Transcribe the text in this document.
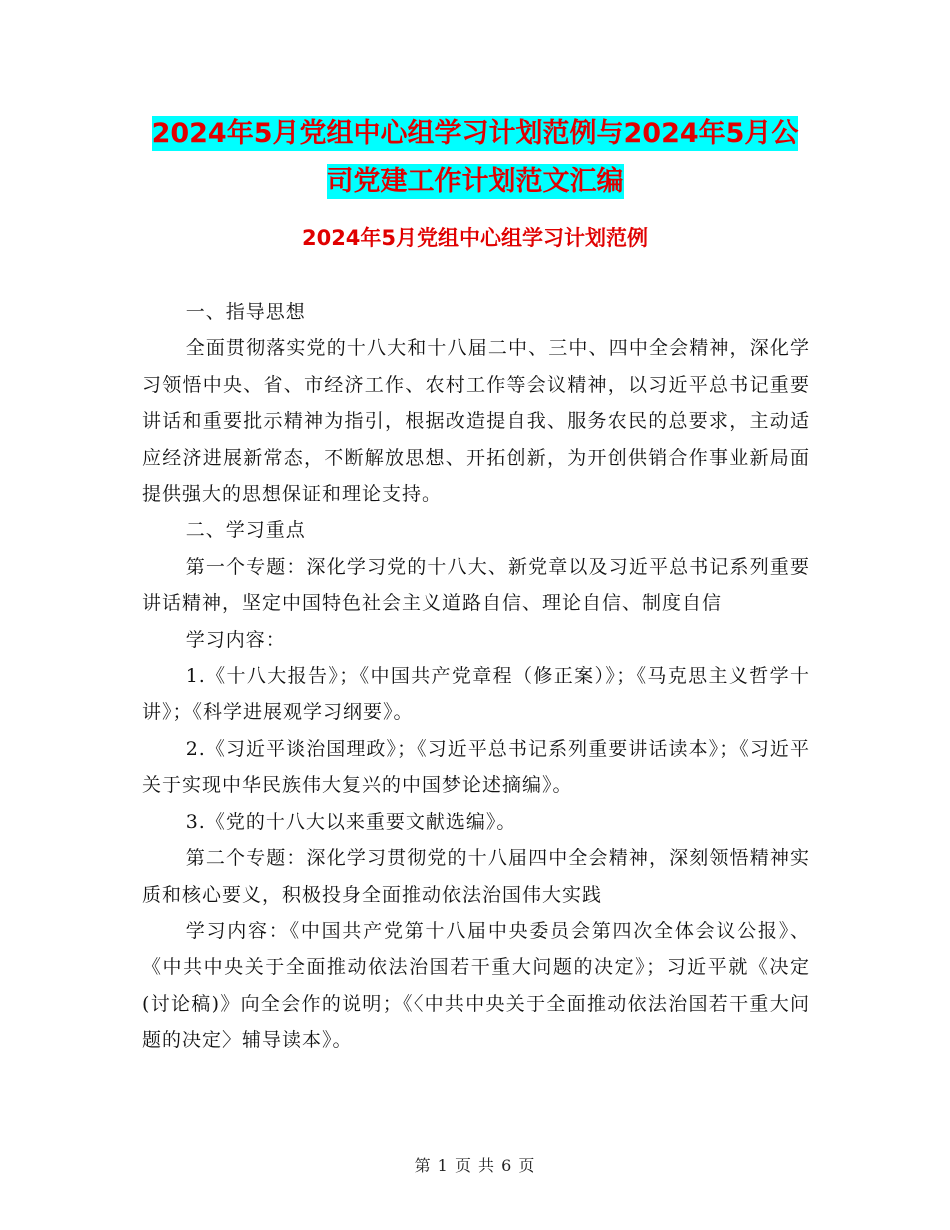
2024年5月党组中心组学习计划范例与2024年5月公
司党建工作计划范文汇编
2024年5月党组中心组学习计划范例

一、指导思想

全面贯彻落实党的十八大和十八届二中、三中、四中全会精神，深化学习领悟中央、省、市经济工作、农村工作等会议精神，以习近平总书记重要讲话和重要批示精神为指引，根据改造提自我、服务农民的总要求，主动适应经济进展新常态，不断解放思想、开拓创新，为开创供销合作事业新局面提供强大的思想保证和理论支持。

二、学习重点

第一个专题：深化学习党的十八大、新党章以及习近平总书记系列重要讲话精神，坚定中国特色社会主义道路自信、理论自信、制度自信

学习内容：

1.《十八大报告》；《中国共产党章程（修正案）》；《马克思主义哲学十讲》；《科学进展观学习纲要》。

2.《习近平谈治国理政》；《习近平总书记系列重要讲话读本》；《习近平关于实现中华民族伟大复兴的中国梦论述摘编》。

3.《党的十八大以来重要文献选编》。

第二个专题：深化学习贯彻党的十八届四中全会精神，深刻领悟精神实质和核心要义，积极投身全面推动依法治国伟大实践

学习内容：《中国共产党第十八届中央委员会第四次全体会议公报》、《中共中央关于全面推动依法治国若干重大问题的决定》；习近平就《决定(讨论稿)》向全会作的说明；《〈中共中央关于全面推动依法治国若干重大问题的决定〉辅导读本》。

第 1 页 共 6 页
